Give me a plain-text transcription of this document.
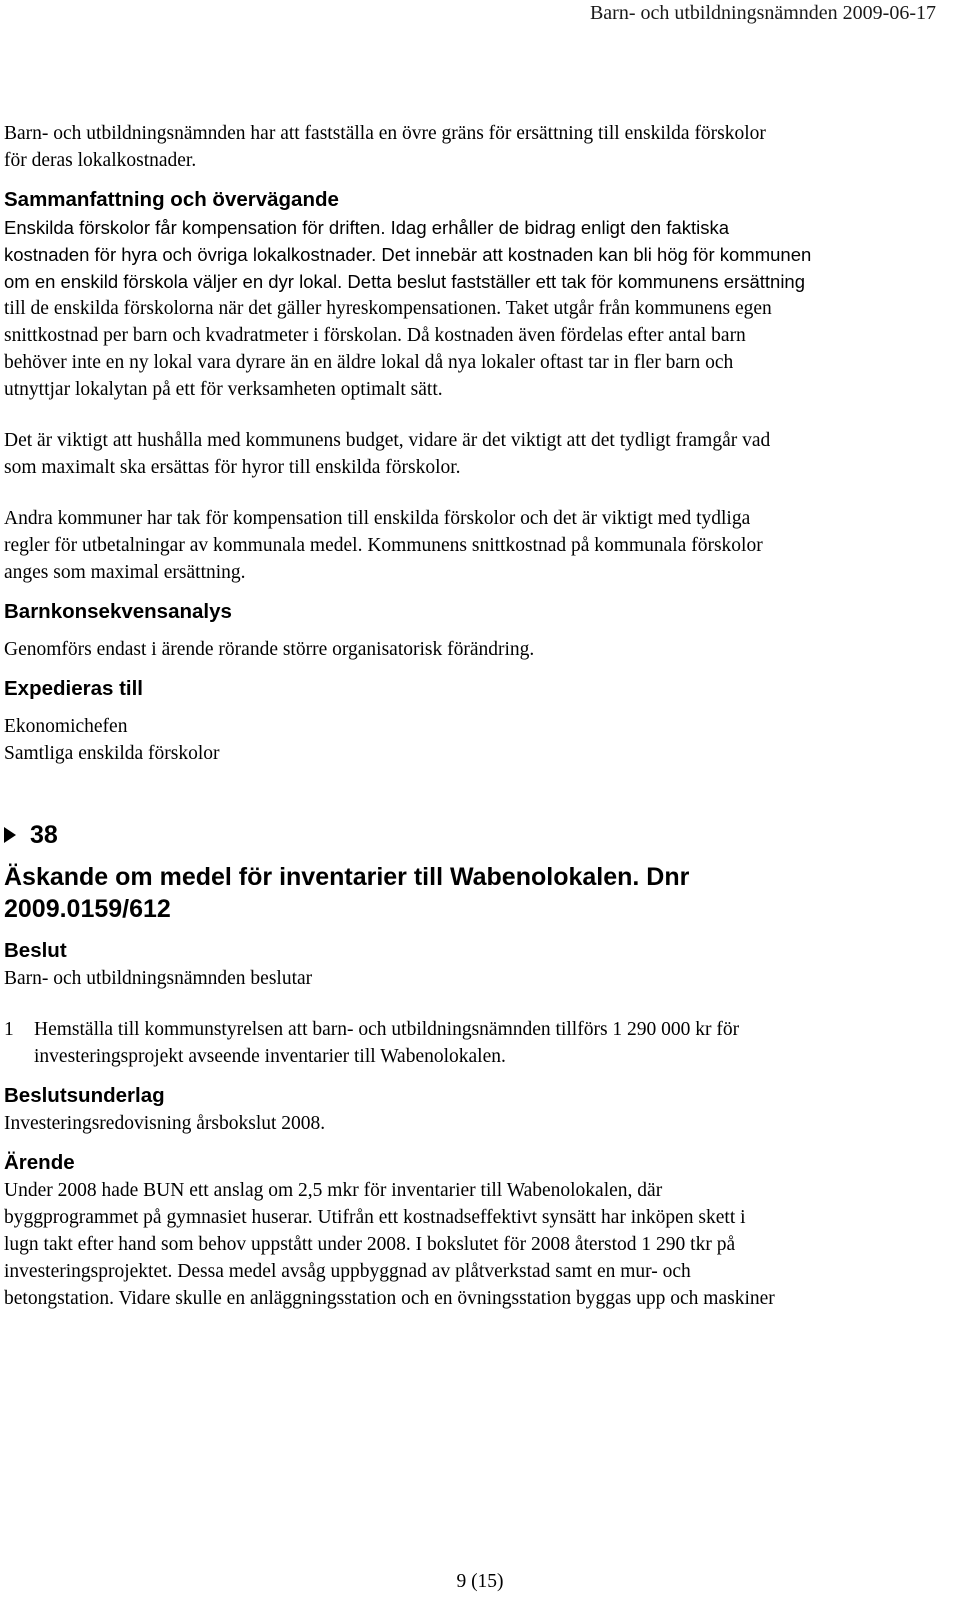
Barn- och utbildningsnämnden 2009-06-17

Barn- och utbildningsnämnden har att fastställa en övre gräns för ersättning till enskilda förskolor

för deras lokalkostnader.

Sammanfattning och övervägande

Enskilda förskolor får kompensation för driften. Idag erhåller de bidrag enligt den faktiska

kostnaden för hyra och övriga lokalkostnader. Det innebär att kostnaden kan bli hög för kommunen

om en enskild förskola väljer en dyr lokal. Detta beslut fastställer ett tak för kommunens ersättning

till de enskilda förskolorna när det gäller hyreskompensationen. Taket utgår från kommunens egen

snittkostnad per barn och kvadratmeter i förskolan. Då kostnaden även fördelas efter antal barn

behöver inte en ny lokal vara dyrare än en äldre lokal då nya lokaler oftast tar in fler barn och

utnyttjar lokalytan på ett för verksamheten optimalt sätt.

Det är viktigt att hushålla med kommunens budget, vidare är det viktigt att det tydligt framgår vad

som maximalt ska ersättas för hyror till enskilda förskolor.

Andra kommuner har tak för kompensation till enskilda förskolor och det är viktigt med tydliga

regler för utbetalningar av kommunala medel. Kommunens snittkostnad på kommunala förskolor

anges som maximal ersättning.

Barnkonsekvensanalys

Genomförs endast i ärende rörande större organisatorisk förändring.

Expedieras till

Ekonomichefen

Samtliga enskilda förskolor

38

Äskande om medel för inventarier till Wabenolokalen. Dnr

2009.0159/612

Beslut

Barn- och utbildningsnämnden beslutar

1	Hemställa till kommunstyrelsen att barn- och utbildningsnämnden tillförs 1 290 000 kr för

investeringsprojekt avseende inventarier till Wabenolokalen.

Beslutsunderlag

Investeringsredovisning årsbokslut 2008.

Ärende

Under 2008 hade BUN ett anslag om 2,5 mkr för inventarier till Wabenolokalen, där

byggprogrammet på gymnasiet huserar. Utifrån ett kostnadseffektivt synsätt har inköpen skett i

lugn takt efter hand som behov uppstått under 2008. I bokslutet för 2008 återstod 1 290 tkr på

investeringsprojektet. Dessa medel avsåg uppbyggnad av plåtverkstad samt en mur- och

betongstation. Vidare skulle en anläggningsstation och en övningsstation byggas upp och maskiner

9 (15)
